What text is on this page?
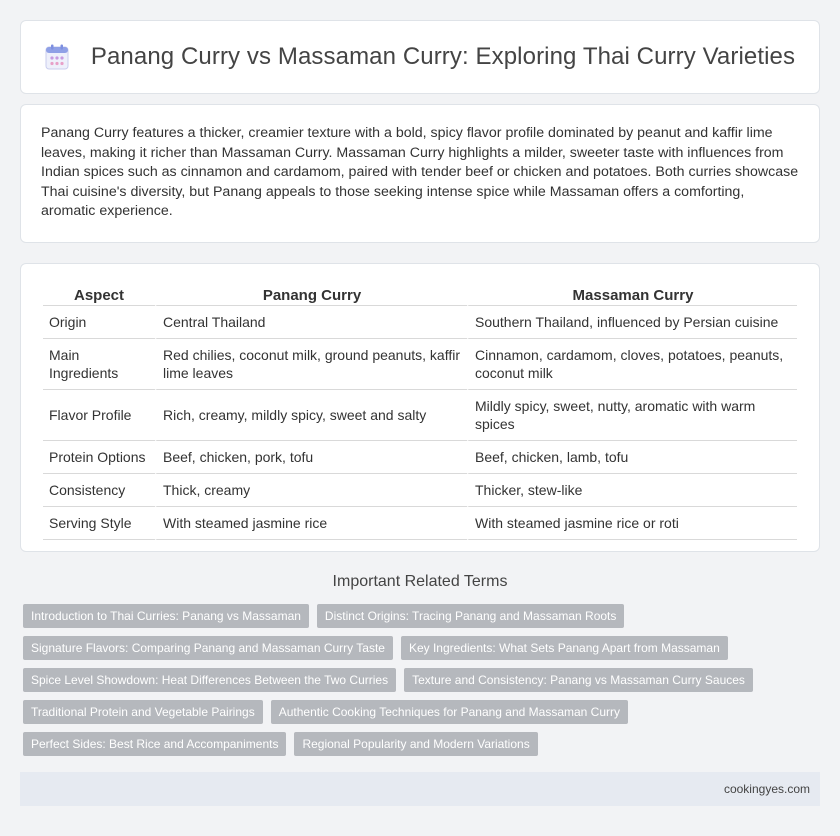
Panang Curry vs Massaman Curry: Exploring Thai Curry Varieties

Panang Curry features a thicker, creamier texture with a bold, spicy flavor profile dominated by peanut and kaffir lime leaves, making it richer than Massaman Curry. Massaman Curry highlights a milder, sweeter taste with influences from Indian spices such as cinnamon and cardamom, paired with tender beef or chicken and potatoes. Both curries showcase Thai cuisine's diversity, but Panang appeals to those seeking intense spice while Massaman offers a comforting, aromatic experience.

Aspect	Panang Curry	Massaman Curry
Origin	Central Thailand	Southern Thailand, influenced by Persian cuisine
Main Ingredients	Red chilies, coconut milk, ground peanuts, kaffir lime leaves	Cinnamon, cardamom, cloves, potatoes, peanuts, coconut milk
Flavor Profile	Rich, creamy, mildly spicy, sweet and salty	Mildly spicy, sweet, nutty, aromatic with warm spices
Protein Options	Beef, chicken, pork, tofu	Beef, chicken, lamb, tofu
Consistency	Thick, creamy	Thicker, stew-like
Serving Style	With steamed jasmine rice	With steamed jasmine rice or roti
Important Related Terms
Introduction to Thai Curries: Panang vs Massaman	Distinct Origins: Tracing Panang and Massaman Roots
Signature Flavors: Comparing Panang and Massaman Curry Taste	Key Ingredients: What Sets Panang Apart from Massaman
Spice Level Showdown: Heat Differences Between the Two Curries	Texture and Consistency: Panang vs Massaman Curry Sauces
Traditional Protein and Vegetable Pairings	Authentic Cooking Techniques for Panang and Massaman Curry
Perfect Sides: Best Rice and Accompaniments	Regional Popularity and Modern Variations
cookingyes.com
